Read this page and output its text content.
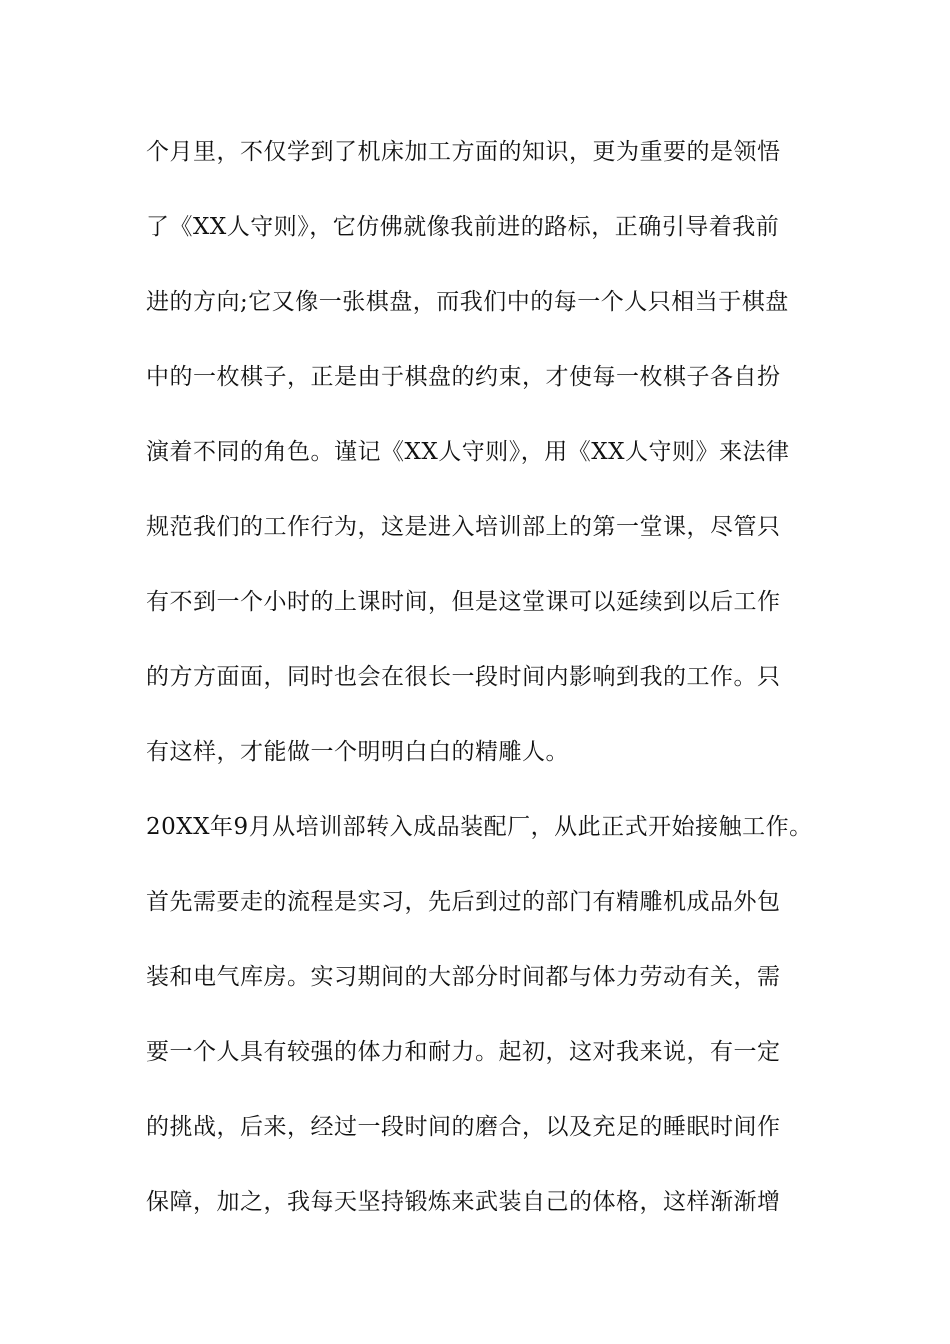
个月里，不仅学到了机床加工方面的知识，更为重要的是领悟
了《XX人守则》，它仿佛就像我前进的路标，正确引导着我前
进的方向;它又像一张棋盘，而我们中的每一个人只相当于棋盘
中的一枚棋子，正是由于棋盘的约束，才使每一枚棋子各自扮
演着不同的角色。谨记《XX人守则》，用《XX人守则》来法律
规范我们的工作行为，这是进入培训部上的第一堂课，尽管只
有不到一个小时的上课时间，但是这堂课可以延续到以后工作
的方方面面，同时也会在很长一段时间内影响到我的工作。只
有这样，才能做一个明明白白的精雕人。
20XX年9月从培训部转入成品装配厂，从此正式开始接触工作。
首先需要走的流程是实习，先后到过的部门有精雕机成品外包
装和电气库房。实习期间的大部分时间都与体力劳动有关，需
要一个人具有较强的体力和耐力。起初，这对我来说，有一定
的挑战，后来，经过一段时间的磨合，以及充足的睡眠时间作
保障，加之，我每天坚持锻炼来武装自己的体格，这样渐渐增
